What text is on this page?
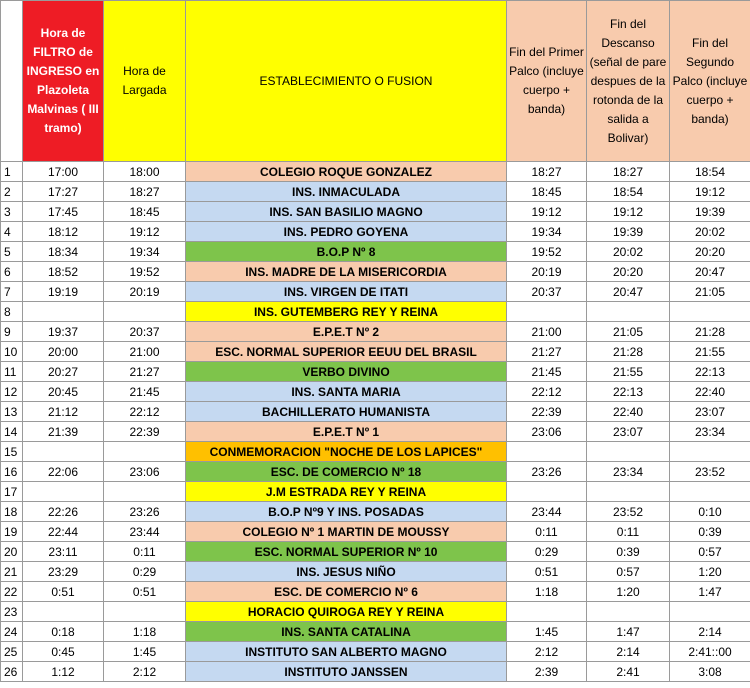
	Hora de FILTRO de INGRESO en Plazoleta Malvinas ( III tramo)	Hora de Largada	ESTABLECIMIENTO O FUSION	Fin del Primer Palco (incluye cuerpo + banda)	Fin del Descanso (señal de pare despues de la rotonda de la salida a Bolivar)	Fin del Segundo Palco (incluye cuerpo + banda)
1	17:00	18:00	COLEGIO ROQUE GONZALEZ	18:27	18:27	18:54
2	17:27	18:27	INS. INMACULADA	18:45	18:54	19:12
3	17:45	18:45	INS. SAN BASILIO MAGNO	19:12	19:12	19:39
4	18:12	19:12	INS. PEDRO GOYENA	19:34	19:39	20:02
5	18:34	19:34	B.O.P Nº 8	19:52	20:02	20:20
6	18:52	19:52	INS. MADRE DE LA MISERICORDIA	20:19	20:20	20:47
7	19:19	20:19	INS. VIRGEN DE ITATI	20:37	20:47	21:05
8			INS. GUTEMBERG REY Y REINA			
9	19:37	20:37	E.P.E.T Nº 2	21:00	21:05	21:28
10	20:00	21:00	ESC. NORMAL SUPERIOR EEUU DEL BRASIL	21:27	21:28	21:55
11	20:27	21:27	VERBO DIVINO	21:45	21:55	22:13
12	20:45	21:45	INS. SANTA MARIA	22:12	22:13	22:40
13	21:12	22:12	BACHILLERATO HUMANISTA	22:39	22:40	23:07
14	21:39	22:39	E.P.E.T Nº 1	23:06	23:07	23:34
15			CONMEMORACION "NOCHE DE LOS LAPICES"			
16	22:06	23:06	ESC. DE COMERCIO Nº 18	23:26	23:34	23:52
17			J.M ESTRADA REY Y REINA			
18	22:26	23:26	B.O.P Nº9 Y INS. POSADAS	23:44	23:52	0:10
19	22:44	23:44	COLEGIO Nº 1 MARTIN DE MOUSSY	0:11	0:11	0:39
20	23:11	0:11	ESC. NORMAL SUPERIOR Nº 10	0:29	0:39	0:57
21	23:29	0:29	INS. JESUS NIÑO	0:51	0:57	1:20
22	0:51	0:51	ESC. DE COMERCIO Nº 6	1:18	1:20	1:47
23			HORACIO QUIROGA REY Y REINA			
24	0:18	1:18	INS. SANTA CATALINA	1:45	1:47	2:14
25	0:45	1:45	INSTITUTO SAN ALBERTO MAGNO	2:12	2:14	2:41::00
26	1:12	2:12	INSTITUTO JANSSEN	2:39	2:41	3:08
